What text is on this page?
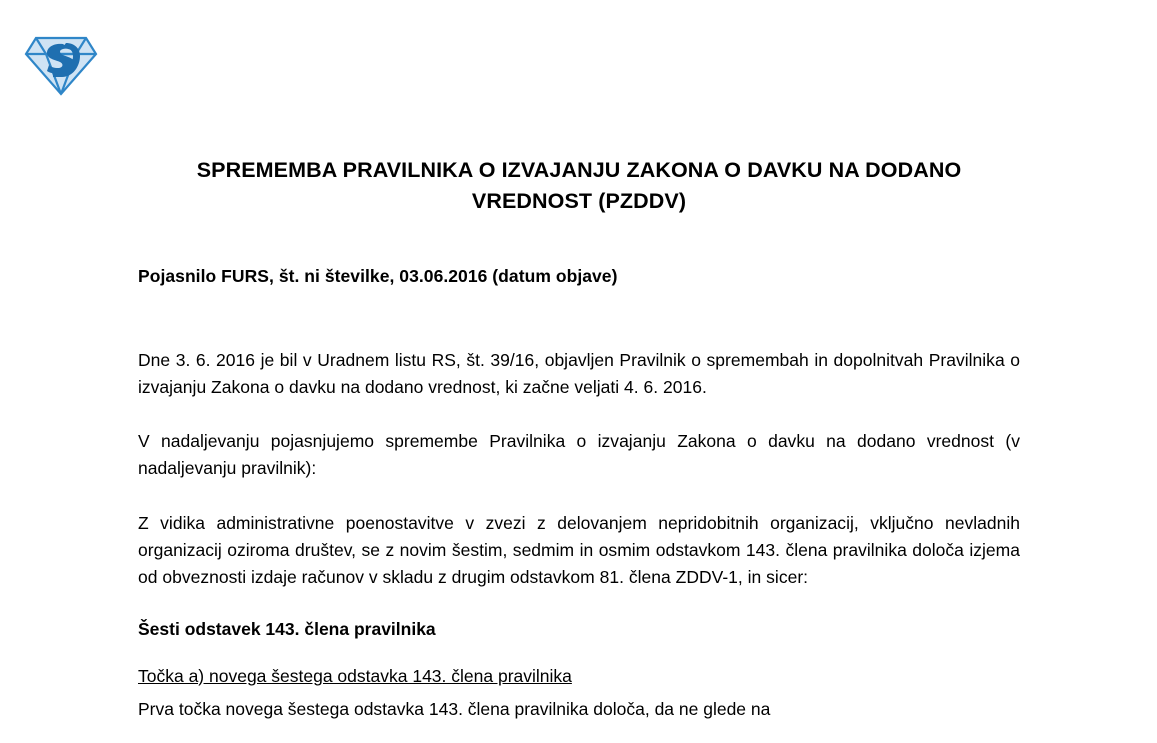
SPREMEMBA PRAVILNIKA O IZVAJANJU ZAKONA O DAVKU NA DODANO VREDNOST (PZDDV)
Pojasnilo FURS, št. ni številke, 03.06.2016 (datum objave)

Dne 3. 6. 2016 je bil v Uradnem listu RS, št. 39/16, objavljen Pravilnik o spremembah in dopolnitvah Pravilnika o izvajanju Zakona o davku na dodano vrednost, ki začne veljati 4. 6. 2016.

V nadaljevanju pojasnjujemo spremembe Pravilnika o izvajanju Zakona o davku na dodano vrednost (v nadaljevanju pravilnik):

Z vidika administrativne poenostavitve v zvezi z delovanjem nepridobitnih organizacij, vključno nevladnih organizacij oziroma društev, se z novim šestim, sedmim in osmim odstavkom 143. člena pravilnika določa izjema od obveznosti izdaje računov v skladu z drugim odstavkom 81. člena ZDDV-1, in sicer:

Šesti odstavek 143. člena pravilnika
Točka a) novega šestega odstavka 143. člena pravilnika
Prva točka novega šestega odstavka 143. člena pravilnika določa, da ne glede na
